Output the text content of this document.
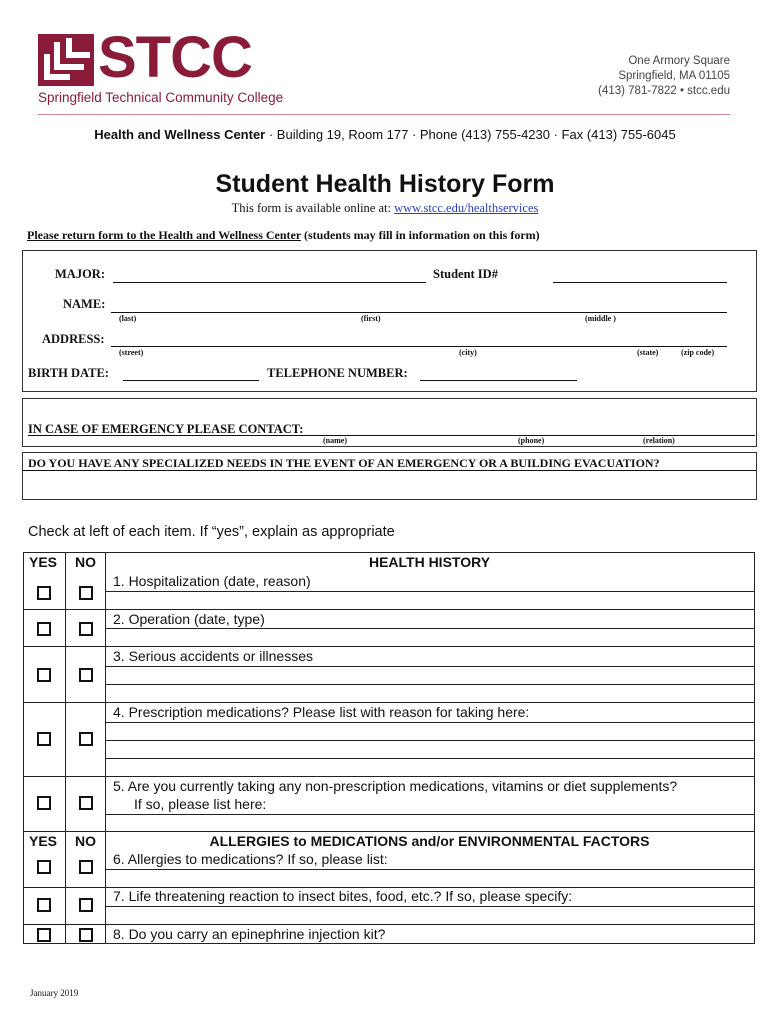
STCC
Springfield Technical Community College
One Armory Square
Springfield, MA 01105
(413) 781-7822 • stcc.edu
Health and Wellness Center · Building 19, Room 177 · Phone (413) 755-4230 · Fax (413) 755-6045
Student Health History Form
This form is available online at: www.stcc.edu/healthservices
Please return form to the Health and Wellness Center (students may fill in information on this form)
MAJOR:	Student ID#
NAME:
(last)	(first)	(middle )
ADDRESS:
(street)	(city)	(state)	(zip code)
BIRTH DATE:	TELEPHONE NUMBER:
IN CASE OF EMERGENCY PLEASE CONTACT:
(name)	(phone)	(relation)
DO YOU HAVE ANY SPECIALIZED NEEDS IN THE EVENT OF AN EMERGENCY OR A BUILDING EVACUATION?
Check at left of each item. If “yes”, explain as appropriate
YES NO	HEALTH HISTORY
1. Hospitalization (date, reason)
2. Operation (date, type)
3. Serious accidents or illnesses
4. Prescription medications? Please list with reason for taking here:
5. Are you currently taking any non-prescription medications, vitamins or diet supplements?
If so, please list here:
YES NO	ALLERGIES to MEDICATIONS and/or ENVIRONMENTAL FACTORS
6. Allergies to medications? If so, please list:
7. Life threatening reaction to insect bites, food, etc.? If so, please specify:
8. Do you carry an epinephrine injection kit?
January 2019
